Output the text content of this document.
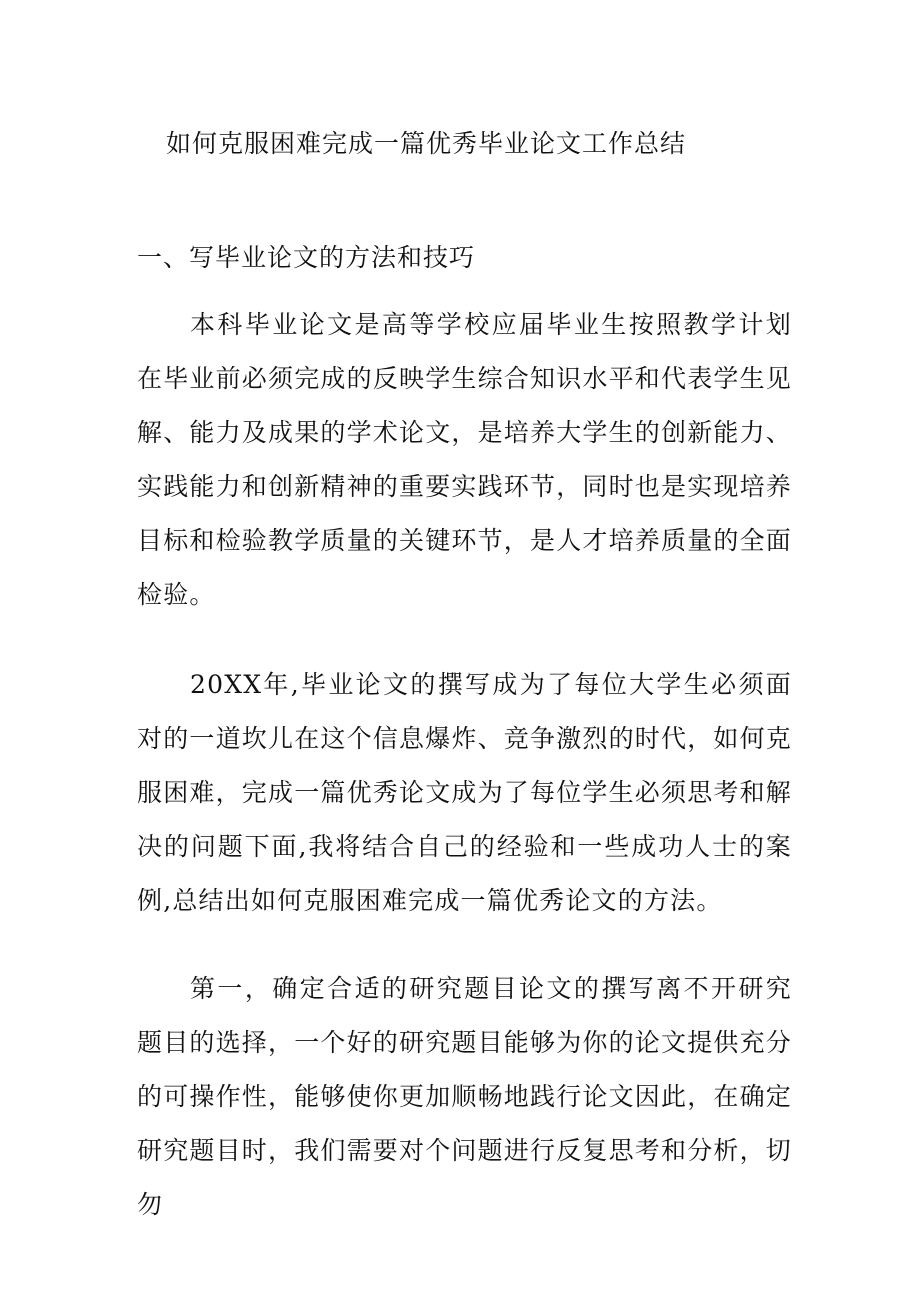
如何克服困难完成一篇优秀毕业论文工作总结
一、写毕业论文的方法和技巧
本科毕业论文是高等学校应届毕业生按照教学计划在毕业前必须完成的反映学生综合知识水平和代表学生见解、能力及成果的学术论文，是培养大学生的创新能力、实践能力和创新精神的重要实践环节，同时也是实现培养目标和检验教学质量的关键环节，是人才培养质量的全面检验。
20XX年,毕业论文的撰写成为了每位大学生必须面对的一道坎儿在这个信息爆炸、竞争激烈的时代，如何克服困难，完成一篇优秀论文成为了每位学生必须思考和解决的问题下面,我将结合自己的经验和一些成功人士的案例,总结出如何克服困难完成一篇优秀论文的方法。
第一，确定合适的研究题目论文的撰写离不开研究题目的选择，一个好的研究题目能够为你的论文提供充分的可操作性，能够使你更加顺畅地践行论文因此，在确定研究题目时，我们需要对个问题进行反复思考和分析，切勿
